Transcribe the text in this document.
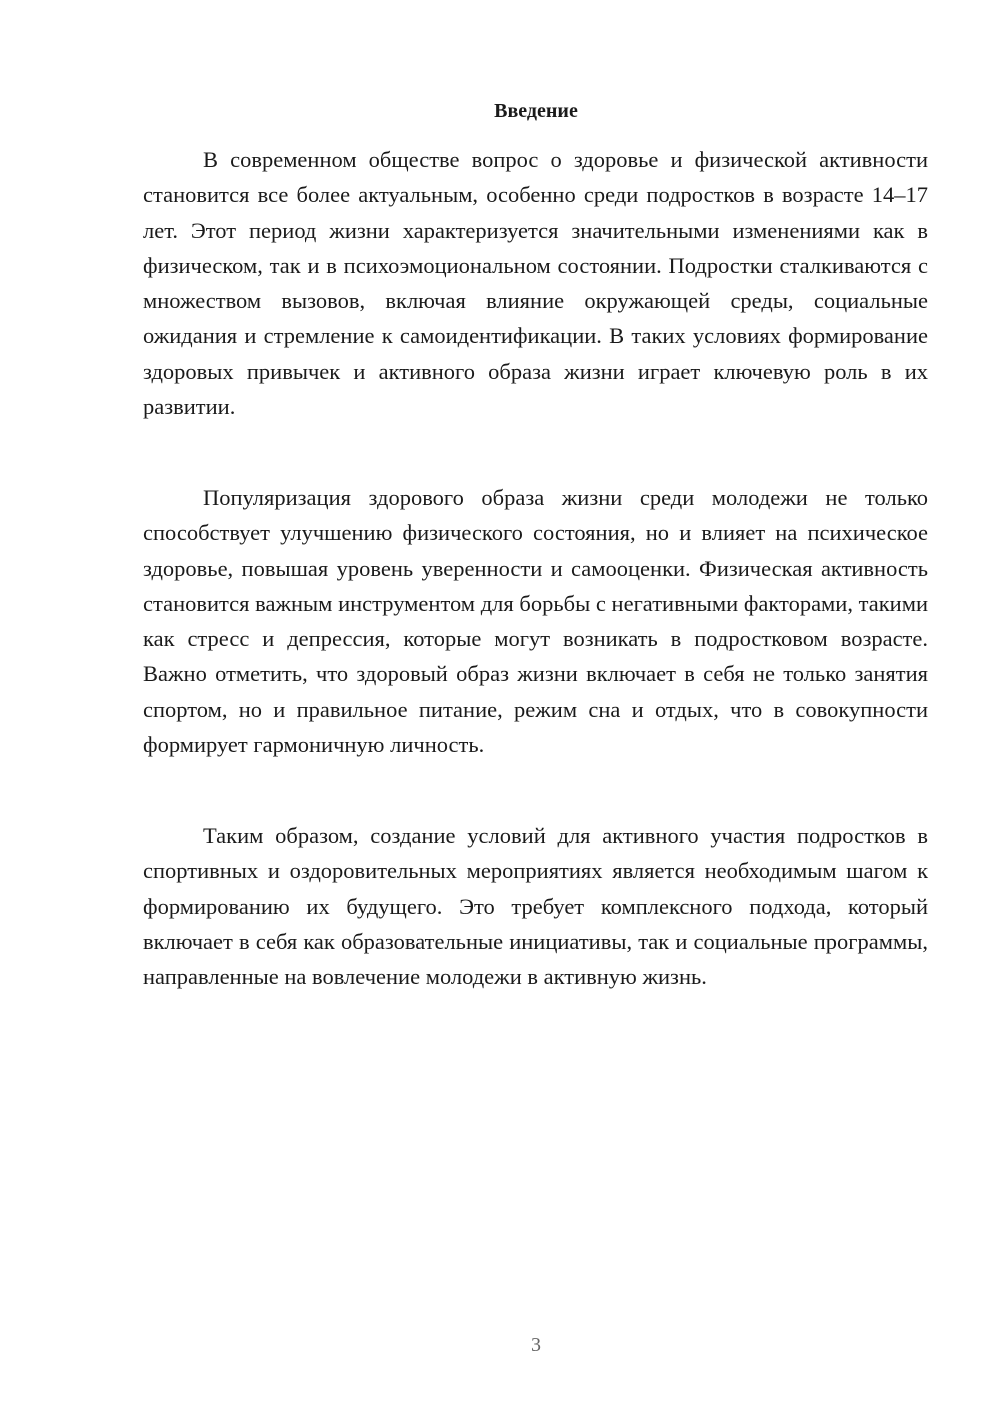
Введение

В современном обществе вопрос о здоровье и физической активности становится все более актуальным, особенно среди подростков в возрасте 14–17 лет. Этот период жизни характеризуется значительными изменениями как в физическом, так и в психоэмоциональном состоянии. Подростки сталкиваются с множеством вызовов, включая влияние окружающей среды, социальные ожидания и стремление к самоидентификации. В таких условиях формирование здоровых привычек и активного образа жизни играет ключевую роль в их развитии.

Популяризация здорового образа жизни среди молодежи не только способствует улучшению физического состояния, но и влияет на психическое здоровье, повышая уровень уверенности и самооценки. Физическая активность становится важным инструментом для борьбы с негативными факторами, такими как стресс и депрессия, которые могут возникать в подростковом возрасте. Важно отметить, что здоровый образ жизни включает в себя не только занятия спортом, но и правильное питание, режим сна и отдых, что в совокупности формирует гармоничную личность.

Таким образом, создание условий для активного участия подростков в спортивных и оздоровительных мероприятиях является необходимым шагом к формированию их будущего. Это требует комплексного подхода, который включает в себя как образовательные инициативы, так и социальные программы, направленные на вовлечение молодежи в активную жизнь.

3
